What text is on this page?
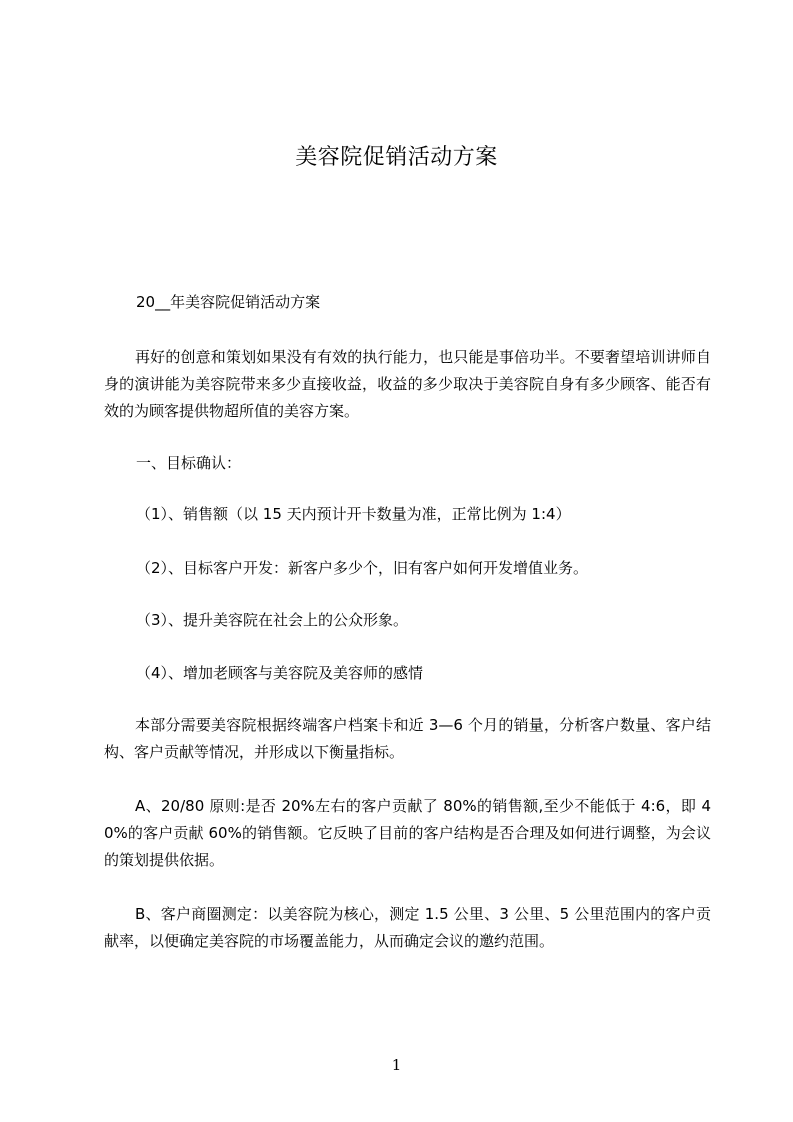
美容院促销活动方案
20__年美容院促销活动方案
再好的创意和策划如果没有有效的执行能力，也只能是事倍功半。不要奢望培训讲师自身的演讲能为美容院带来多少直接收益，收益的多少取决于美容院自身有多少顾客、能否有效的为顾客提供物超所值的美容方案。
一、目标确认：
（1）、销售额（以 15 天内预计开卡数量为准，正常比例为 1:4）
（2）、目标客户开发：新客户多少个，旧有客户如何开发增值业务。
（3）、提升美容院在社会上的公众形象。
（4）、增加老顾客与美容院及美容师的感情
本部分需要美容院根据终端客户档案卡和近 3—6 个月的销量，分析客户数量、客户结构、客户贡献等情况，并形成以下衡量指标。
A、20/80 原则:是否 20%左右的客户贡献了 80%的销售额,至少不能低于 4:6，即 40%的客户贡献 60%的销售额。它反映了目前的客户结构是否合理及如何进行调整，为会议的策划提供依据。
B、客户商圈测定：以美容院为核心，测定 1.5 公里、3 公里、5 公里范围内的客户贡献率，以便确定美容院的市场覆盖能力，从而确定会议的邀约范围。
1
